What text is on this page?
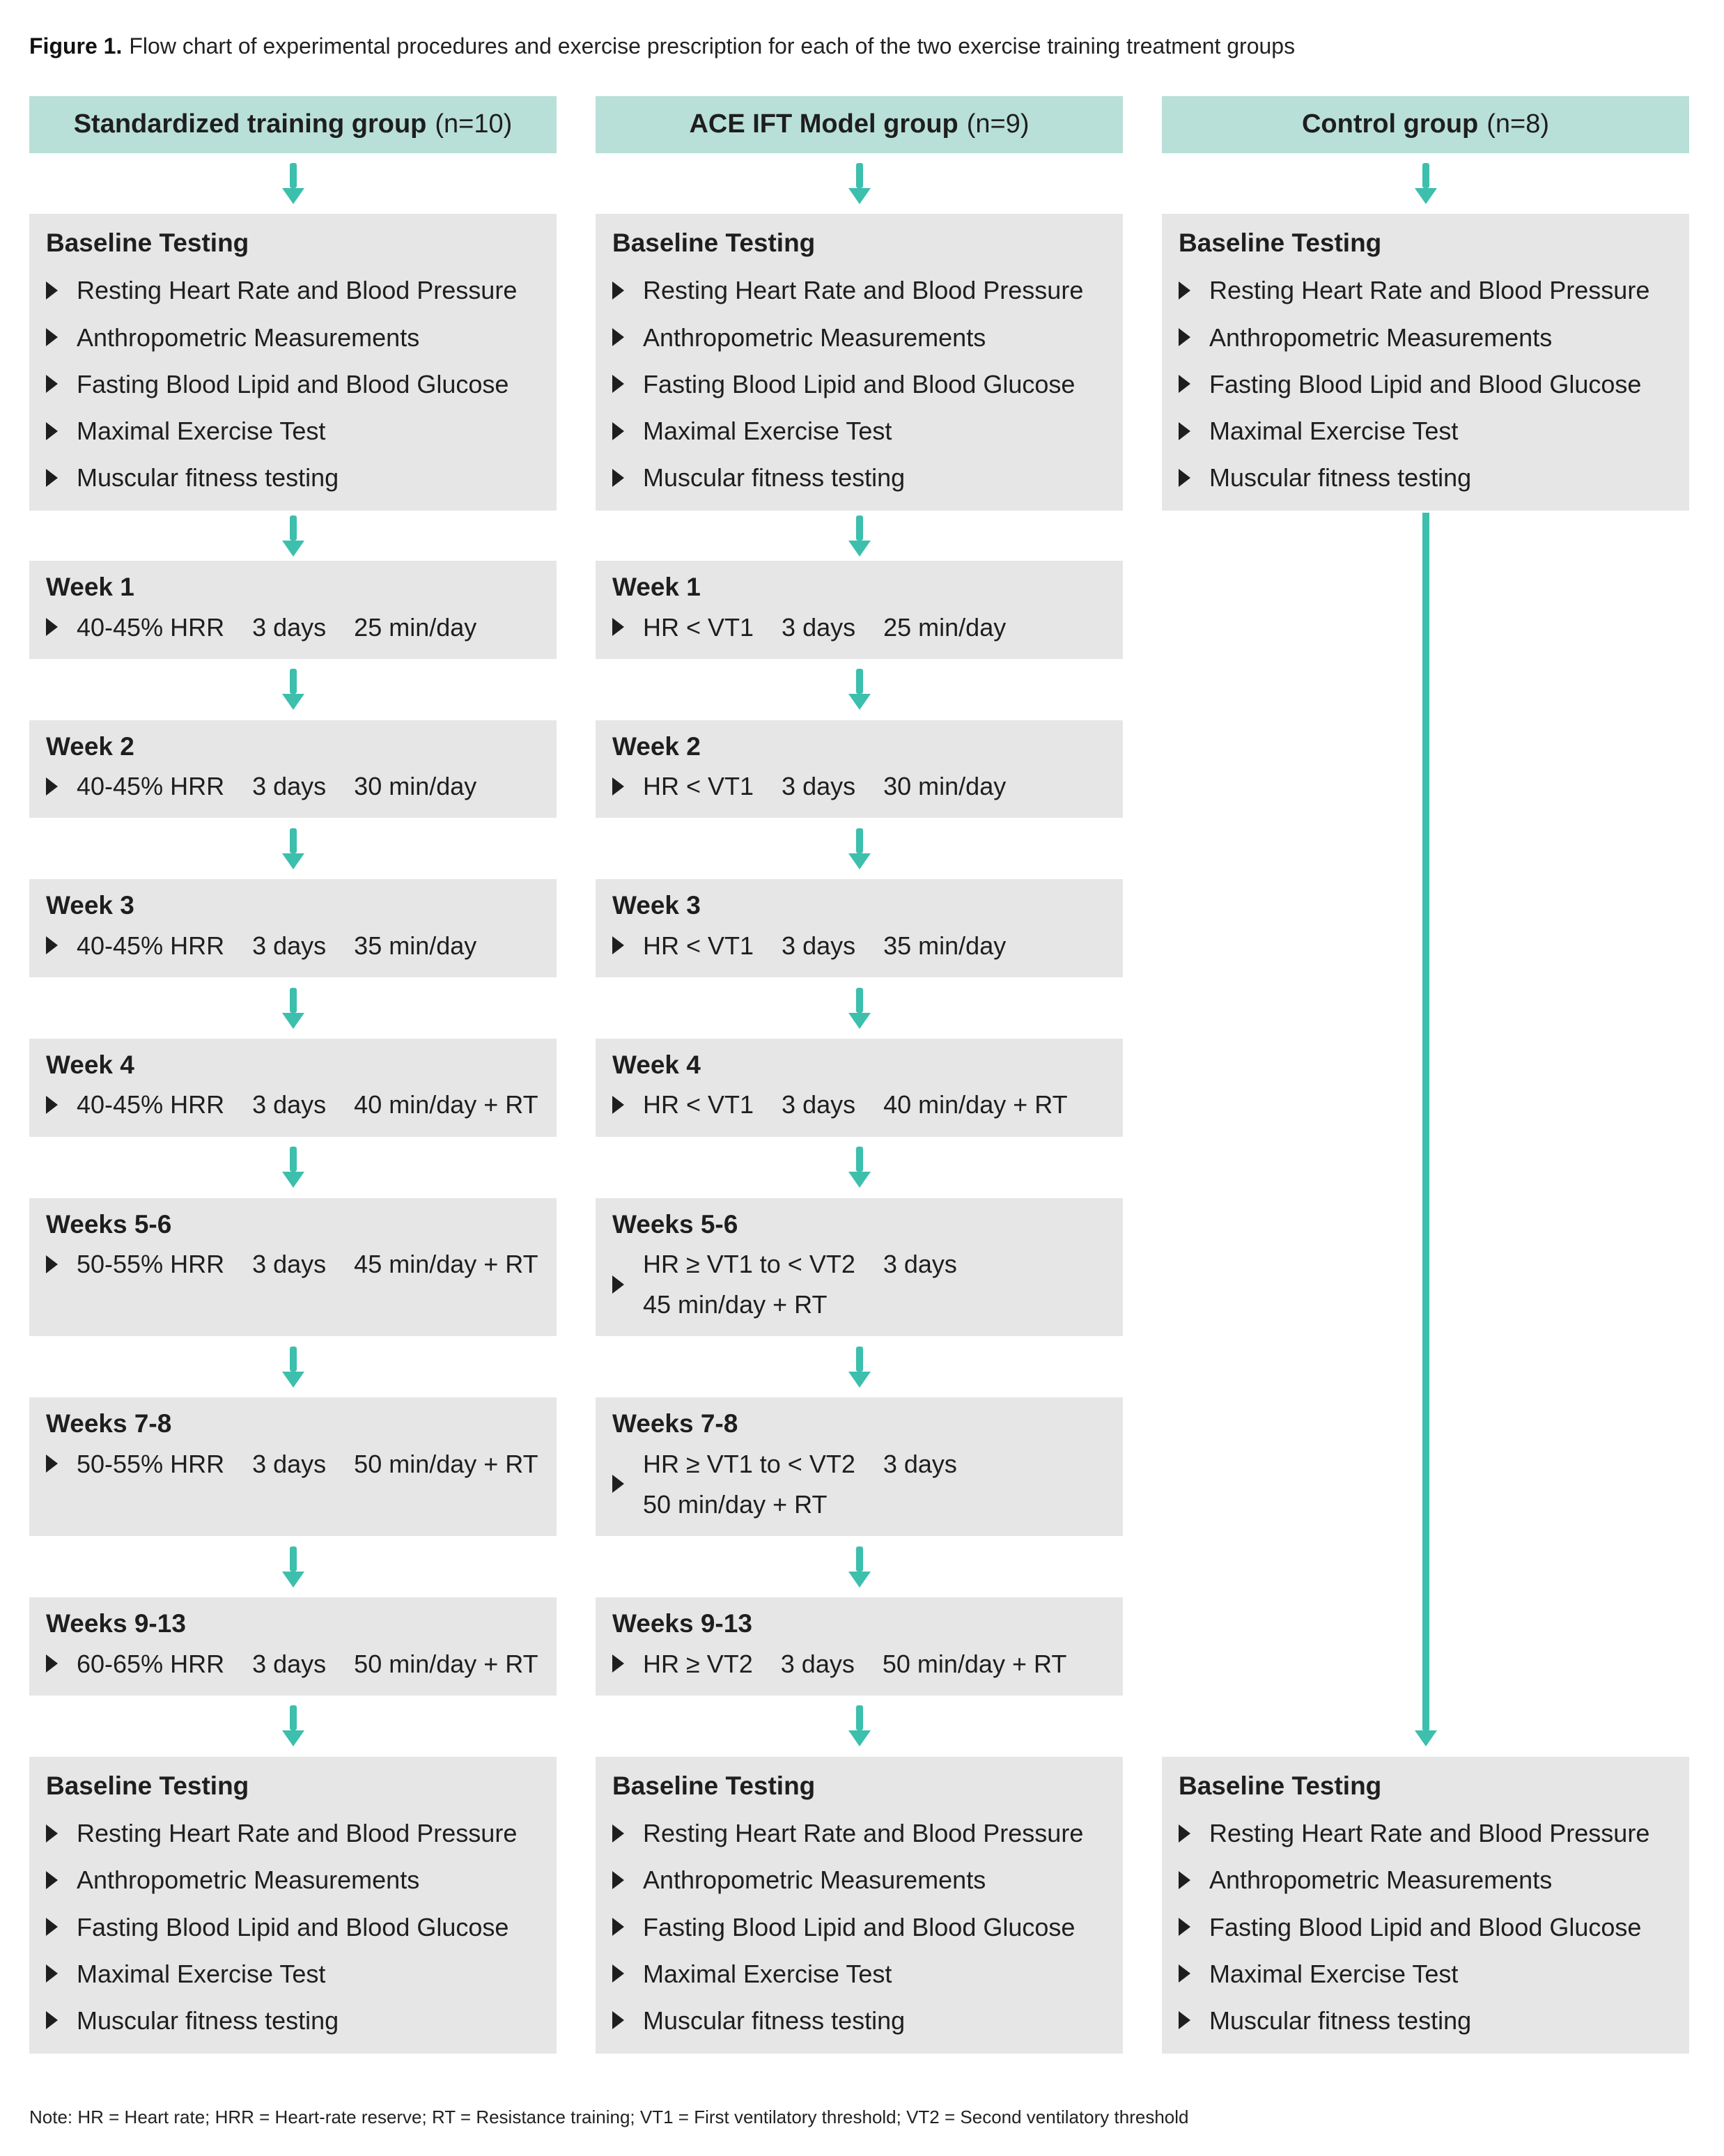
Figure 1. Flow chart of experimental procedures and exercise prescription for each of the two exercise training treatment groups

Standardized training group (n=10)	ACE IFT Model group (n=9)	Control group (n=8)
Baseline Testing
Resting Heart Rate and Blood Pressure
Anthropometric Measurements
Fasting Blood Lipid and Blood Glucose
Maximal Exercise Test
Muscular fitness testing
Baseline Testing
Resting Heart Rate and Blood Pressure
Anthropometric Measurements
Fasting Blood Lipid and Blood Glucose
Maximal Exercise Test
Muscular fitness testing
Baseline Testing
Resting Heart Rate and Blood Pressure
Anthropometric Measurements
Fasting Blood Lipid and Blood Glucose
Maximal Exercise Test
Muscular fitness testing
Week 1
40-45% HRR 3 days 25 min/day
Week 1
HR < VT1 3 days 25 min/day
Week 2
40-45% HRR 3 days 30 min/day
Week 2
HR < VT1 3 days 30 min/day
Week 3
40-45% HRR 3 days 35 min/day
Week 3
HR < VT1 3 days 35 min/day
Week 4
40-45% HRR 3 days 40 min/day + RT
Week 4
HR < VT1 3 days 40 min/day + RT
Weeks 5-6
50-55% HRR 3 days 45 min/day + RT
Weeks 5-6
HR ≥ VT1 to < VT2 3 days
45 min/day + RT
Weeks 7-8
50-55% HRR 3 days 50 min/day + RT
Weeks 7-8
HR ≥ VT1 to < VT2 3 days
50 min/day + RT
Weeks 9-13
60-65% HRR 3 days 50 min/day + RT
Weeks 9-13
HR ≥ VT2 3 days 50 min/day + RT
Baseline Testing
Resting Heart Rate and Blood Pressure
Anthropometric Measurements
Fasting Blood Lipid and Blood Glucose
Maximal Exercise Test
Muscular fitness testing
Baseline Testing
Resting Heart Rate and Blood Pressure
Anthropometric Measurements
Fasting Blood Lipid and Blood Glucose
Maximal Exercise Test
Muscular fitness testing
Baseline Testing
Resting Heart Rate and Blood Pressure
Anthropometric Measurements
Fasting Blood Lipid and Blood Glucose
Maximal Exercise Test
Muscular fitness testing

Note: HR = Heart rate; HRR = Heart-rate reserve; RT = Resistance training; VT1 = First ventilatory threshold; VT2 = Second ventilatory threshold
